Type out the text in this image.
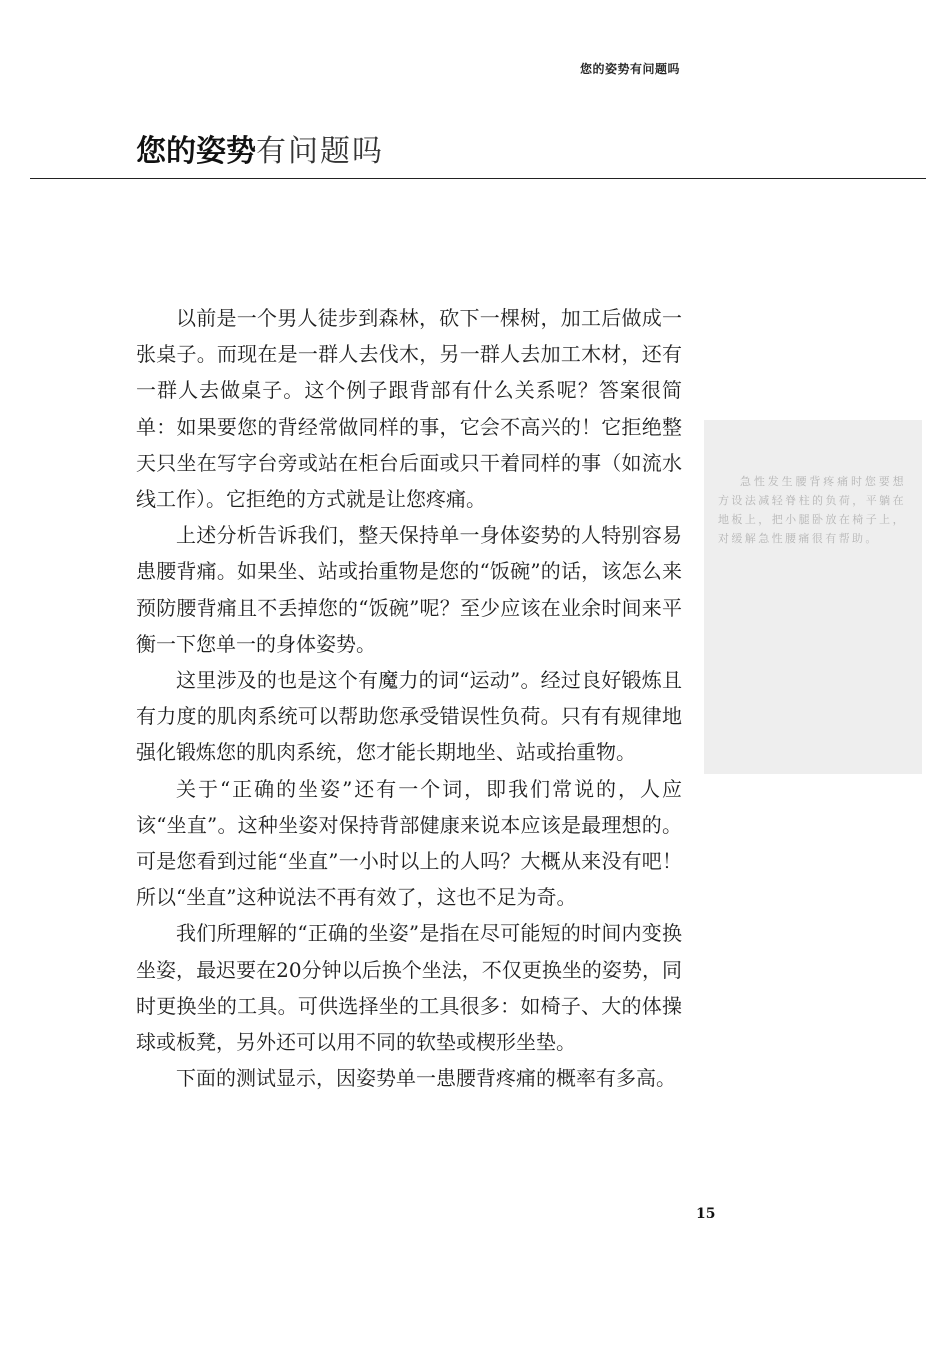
您的姿势有问题吗
您的姿势有问题吗

以前是一个男人徒步到森林，砍下一棵树，加工后做成一张桌子。而现在是一群人去伐木，另一群人去加工木材，还有一群人去做桌子。这个例子跟背部有什么关系呢？答案很简单：如果要您的背经常做同样的事，它会不高兴的！它拒绝整天只坐在写字台旁或站在柜台后面或只干着同样的事（如流水线工作）。它拒绝的方式就是让您疼痛。

上述分析告诉我们，整天保持单一身体姿势的人特别容易患腰背痛。如果坐、站或抬重物是您的“饭碗”的话，该怎么来预防腰背痛且不丢掉您的“饭碗”呢？至少应该在业余时间来平衡一下您单一的身体姿势。

这里涉及的也是这个有魔力的词“运动”。经过良好锻炼且有力度的肌肉系统可以帮助您承受错误性负荷。只有有规律地强化锻炼您的肌肉系统，您才能长期地坐、站或抬重物。

关于“正确的坐姿”还有一个词，即我们常说的，人应该“坐直”。这种坐姿对保持背部健康来说本应该是最理想的。可是您看到过能“坐直”一小时以上的人吗？大概从来没有吧！所以“坐直”这种说法不再有效了，这也不足为奇。

我们所理解的“正确的坐姿”是指在尽可能短的时间内变换坐姿，最迟要在20分钟以后换个坐法，不仅更换坐的姿势，同时更换坐的工具。可供选择坐的工具很多：如椅子、大的体操球或板凳，另外还可以用不同的软垫或楔形坐垫。

下面的测试显示，因姿势单一患腰背疼痛的概率有多高。

急性发生腰背疼痛时您要想方设法减轻脊柱的负荷，平躺在地板上，把小腿卧放在椅子上，对缓解急性腰痛很有帮助。
15
